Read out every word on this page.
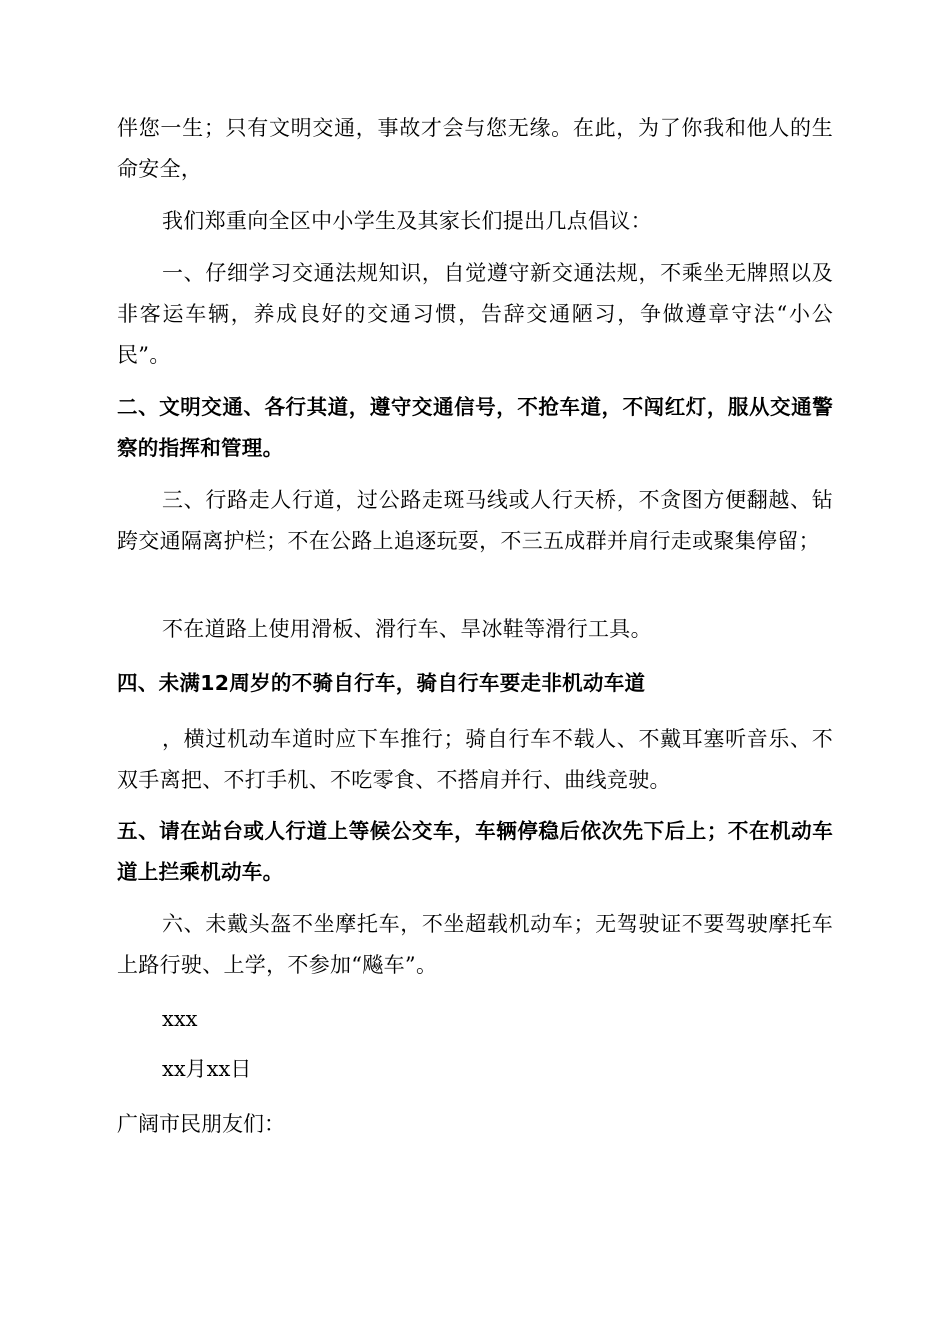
伴您一生；只有文明交通，事故才会与您无缘。在此，为了你我和他人的生命安全，

我们郑重向全区中小学生及其家长们提出几点倡议：

一、仔细学习交通法规知识，自觉遵守新交通法规，不乘坐无牌照以及非客运车辆，养成良好的交通习惯，告辞交通陋习，争做遵章守法“小公民”。

二、文明交通、各行其道，遵守交通信号，不抢车道，不闯红灯，服从交通警察的指挥和管理。

三、行路走人行道，过公路走斑马线或人行天桥，不贪图方便翻越、钻跨交通隔离护栏；不在公路上追逐玩耍，不三五成群并肩行走或聚集停留；

不在道路上使用滑板、滑行车、旱冰鞋等滑行工具。

四、未满12周岁的不骑自行车，骑自行车要走非机动车道

，横过机动车道时应下车推行；骑自行车不载人、不戴耳塞听音乐、不双手离把、不打手机、不吃零食、不搭肩并行、曲线竞驶。

五、请在站台或人行道上等候公交车，车辆停稳后依次先下后上；不在机动车道上拦乘机动车。

六、未戴头盔不坐摩托车，不坐超载机动车；无驾驶证不要驾驶摩托车上路行驶、上学，不参加“飚车”。

xxx

xx月xx日

广阔市民朋友们：
